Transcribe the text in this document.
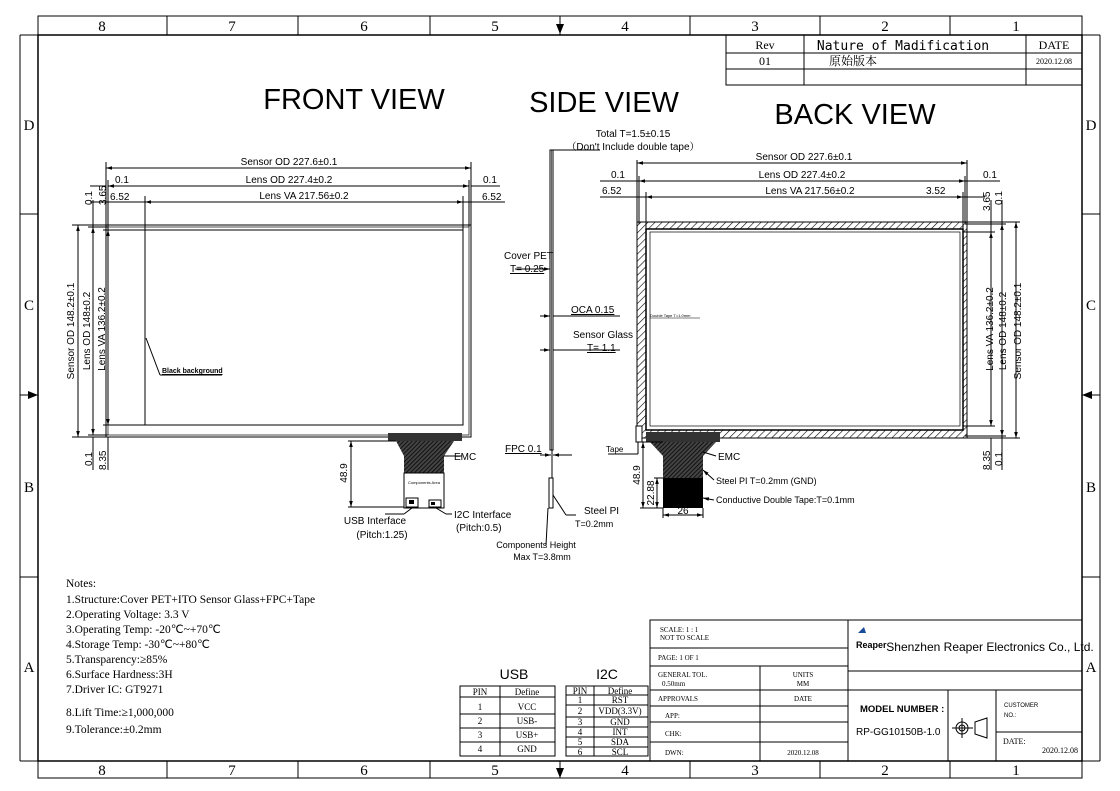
8	7	6	5	4	3	2	1
8	7	6	5	4	3	2	1
D
C
B
A
D
C
B
A
Rev	Nature of Madification	DATE
01	原始版本	2020.12.08
FRONT VIEW	SIDE VIEW	BACK VIEW
Sensor OD 227.6±0.1
Lens OD 227.4±0.2
Lens VA 217.56±0.2
0.1	0.1
6.52	6.52
0.1 3.65
0.1 8.35
Sensor OD 148.2±0.1 Lens OD 148±0.2 Lens VA 136.2±0.2
Black background
Components Area
48.9
EMC
USB Interface
(Pitch:1.25)
I2C Interface
(Pitch:0.5)
Total T=1.5±0.15
（Don't Include double tape）
Cover PET
T= 0.25
OCA 0.15
Sensor Glass
T= 1.1
FPC 0.1
Steel PI
T=0.2mm
Components Height
Max T=3.8mm
Sensor OD 227.6±0.1
Lens OD 227.4±0.2
Lens VA 217.56±0.2
0.1	0.1
6.52	3.52
3.65 0.1
8.35 0.1
Lens VA 136.2±0.2 Lens OD 148±0.2 Sensor OD 148.2±0.1
Double Tape T=1.0mm
Tape
48.9
22.88
26
EMC
Steel PI T=0.2mm (GND)
Conductive Double Tape:T=0.1mm
Notes:
1.Structure:Cover PET+ITO Sensor Glass+FPC+Tape
2.Operating Voltage: 3.3 V
3.Operating Temp: -20℃~+70℃
4.Storage Temp: -30℃~+80℃
5.Transparency:≥85%
6.Surface Hardness:3H
7.Driver IC: GT9271
8.Lift Time:≥1,000,000
9.Tolerance:±0.2mm
USB
PIN	Define
1	VCC
2	USB-
3	USB+
4	GND
I2C
PIN Define
1	RST
2 VDD(3.3V)
3	GND
4	INT
5	SDA
6	SCL
SCALE: 1 : 1
NOT TO SCALE
PAGE: 1 OF 1
GENERAL TOL.
0.50mm
UNITS
MM
APPROVALS	DATE
APP:
CHK:
DWN:	2020.12.08
Reaper Shenzhen Reaper Electronics Co., Ltd.
MODEL NUMBER :
RP-GG10150B-1.0
CUSTOMER
NO.:
DATE:
2020.12.08
